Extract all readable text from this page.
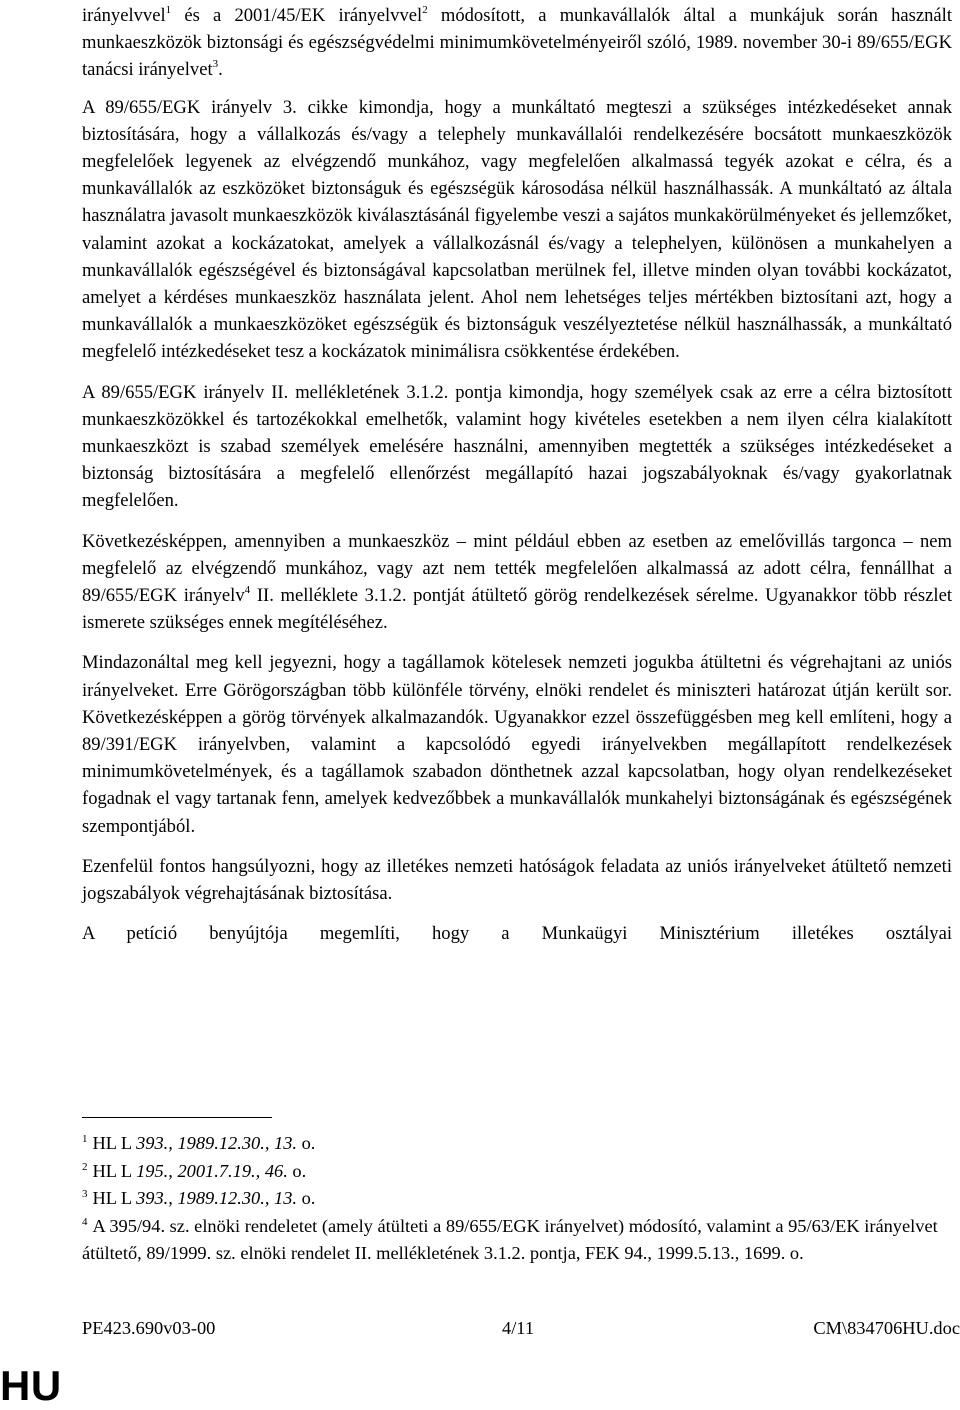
irányelvvel$^1$ és a 2001/45/EK irányelvvel$^2$ módosított, a munkavállalók által a munkájuk során használt munkaeszközök biztonsági és egészségvédelmi minimumkövetelményeiről szóló, 1989. november 30-i 89/655/EGK tanácsi irányelvet$^3$.

A 89/655/EGK irányelv 3. cikke kimondja, hogy a munkáltató megteszi a szükséges intézkedéseket annak biztosítására, hogy a vállalkozás és/vagy a telephely munkavállalói rendelkezésére bocsátott munkaeszközök megfelelőek legyenek az elvégzendő munkához, vagy megfelelően alkalmassá tegyék azokat e célra, és a munkavállalók az eszközöket biztonságuk és egészségük károsodása nélkül használhassák. A munkáltató az általa használatra javasolt munkaeszközök kiválasztásánál figyelembe veszi a sajátos munkakörülményeket és jellemzőket, valamint azokat a kockázatokat, amelyek a vállalkozásnál és/vagy a telephelyen, különösen a munkahelyen a munkavállalók egészségével és biztonságával kapcsolatban merülnek fel, illetve minden olyan további kockázatot, amelyet a kérdéses munkaeszköz használata jelent. Ahol nem lehetséges teljes mértékben biztosítani azt, hogy a munkavállalók a munkaeszközöket egészségük és biztonságuk veszélyeztetése nélkül használhassák, a munkáltató megfelelő intézkedéseket tesz a kockázatok minimálisra csökkentése érdekében.

A 89/655/EGK irányelv II. mellékletének 3.1.2. pontja kimondja, hogy személyek csak az erre a célra biztosított munkaeszközökkel és tartozékokkal emelhetők, valamint hogy kivételes esetekben a nem ilyen célra kialakított munkaeszközt is szabad személyek emelésére használni, amennyiben megtették a szükséges intézkedéseket a biztonság biztosítására a megfelelő ellenőrzést megállapító hazai jogszabályoknak és/vagy gyakorlatnak megfelelően.

Következésképpen, amennyiben a munkaeszköz – mint például ebben az esetben az emelővillás targonca – nem megfelelő az elvégzendő munkához, vagy azt nem tették megfelelően alkalmassá az adott célra, fennállhat a 89/655/EGK irányelv$^4$ II. melléklete 3.1.2. pontját átültető görög rendelkezések sérelme. Ugyanakkor több részlet ismerete szükséges ennek megítéléséhez.

Mindazonáltal meg kell jegyezni, hogy a tagállamok kötelesek nemzeti jogukba átültetni és végrehajtani az uniós irányelveket. Erre Görögországban több különféle törvény, elnöki rendelet és miniszteri határozat útján került sor. Következésképpen a görög törvények alkalmazandók. Ugyanakkor ezzel összefüggésben meg kell említeni, hogy a 89/391/EGK irányelvben, valamint a kapcsolódó egyedi irányelvekben megállapított rendelkezések minimumkövetelmények, és a tagállamok szabadon dönthetnek azzal kapcsolatban, hogy olyan rendelkezéseket fogadnak el vagy tartanak fenn, amelyek kedvezőbbek a munkavállalók munkahelyi biztonságának és egészségének szempontjából.

Ezenfelül fontos hangsúlyozni, hogy az illetékes nemzeti hatóságok feladata az uniós irányelveket átültető nemzeti jogszabályok végrehajtásának biztosítása.

A petíció benyújtója megemlíti, hogy a Munkaügyi Minisztérium illetékes osztályai

$^1$ HL L 393., 1989.12.30., 13. o.

$^2$ HL L 195., 2001.7.19., 46. o.

$^3$ HL L 393., 1989.12.30., 13. o.

$^4$ A 395/94. sz. elnöki rendeletet (amely átülteti a 89/655/EGK irányelvet) módosító, valamint a 95/63/EK irányelvet átültető, 89/1999. sz. elnöki rendelet II. mellékletének 3.1.2. pontja, FEK 94., 1999.5.13., 1699. o.

PE423.690v03-00	4/11	CM\834706HU.doc
HU
